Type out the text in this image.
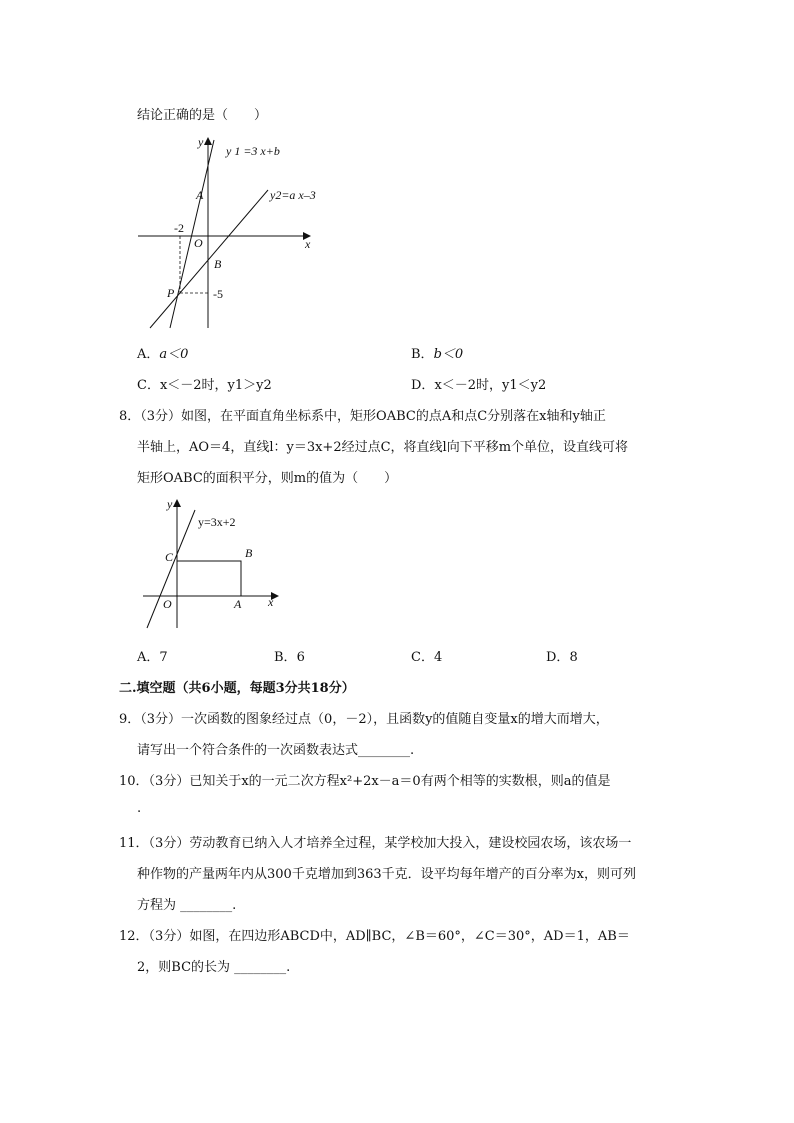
结论正确的是（　　）
y
x
O
y 1 =3 x+b
y2=a x–3
A
B
P
-2
-5
A．a＜0	B．b＜0
C．x＜－2时，y1＞y2	D．x＜－2时，y1＜y2
8．（3分）如图，在平面直角坐标系中，矩形OABC的点A和点C分别落在x轴和y轴正
半轴上，AO＝4，直线l：y＝3x+2经过点C，将直线l向下平移m个单位，设直线可将
矩形OABC的面积平分，则m的值为（　　）
y
x
O
y=3x+2
C	B
A
A．7	B．6	C．4	D．8
二.填空题（共6小题，每题3分共18分）
9．（3分）一次函数的图象经过点（0，－2），且函数y的值随自变量x的增大而增大，
请写出一个符合条件的一次函数表达式________.
10．（3分）已知关于x的一元二次方程x²+2x－a＝0有两个相等的实数根，则a的值是
.
11．（3分）劳动教育已纳入人才培养全过程，某学校加大投入，建设校园农场，该农场一
种作物的产量两年内从300千克增加到363千克．设平均每年增产的百分率为x，则可列
方程为 ________.
12．（3分）如图，在四边形ABCD中，AD∥BC，∠B＝60°，∠C＝30°，AD＝1，AB＝
2，则BC的长为 ________.
